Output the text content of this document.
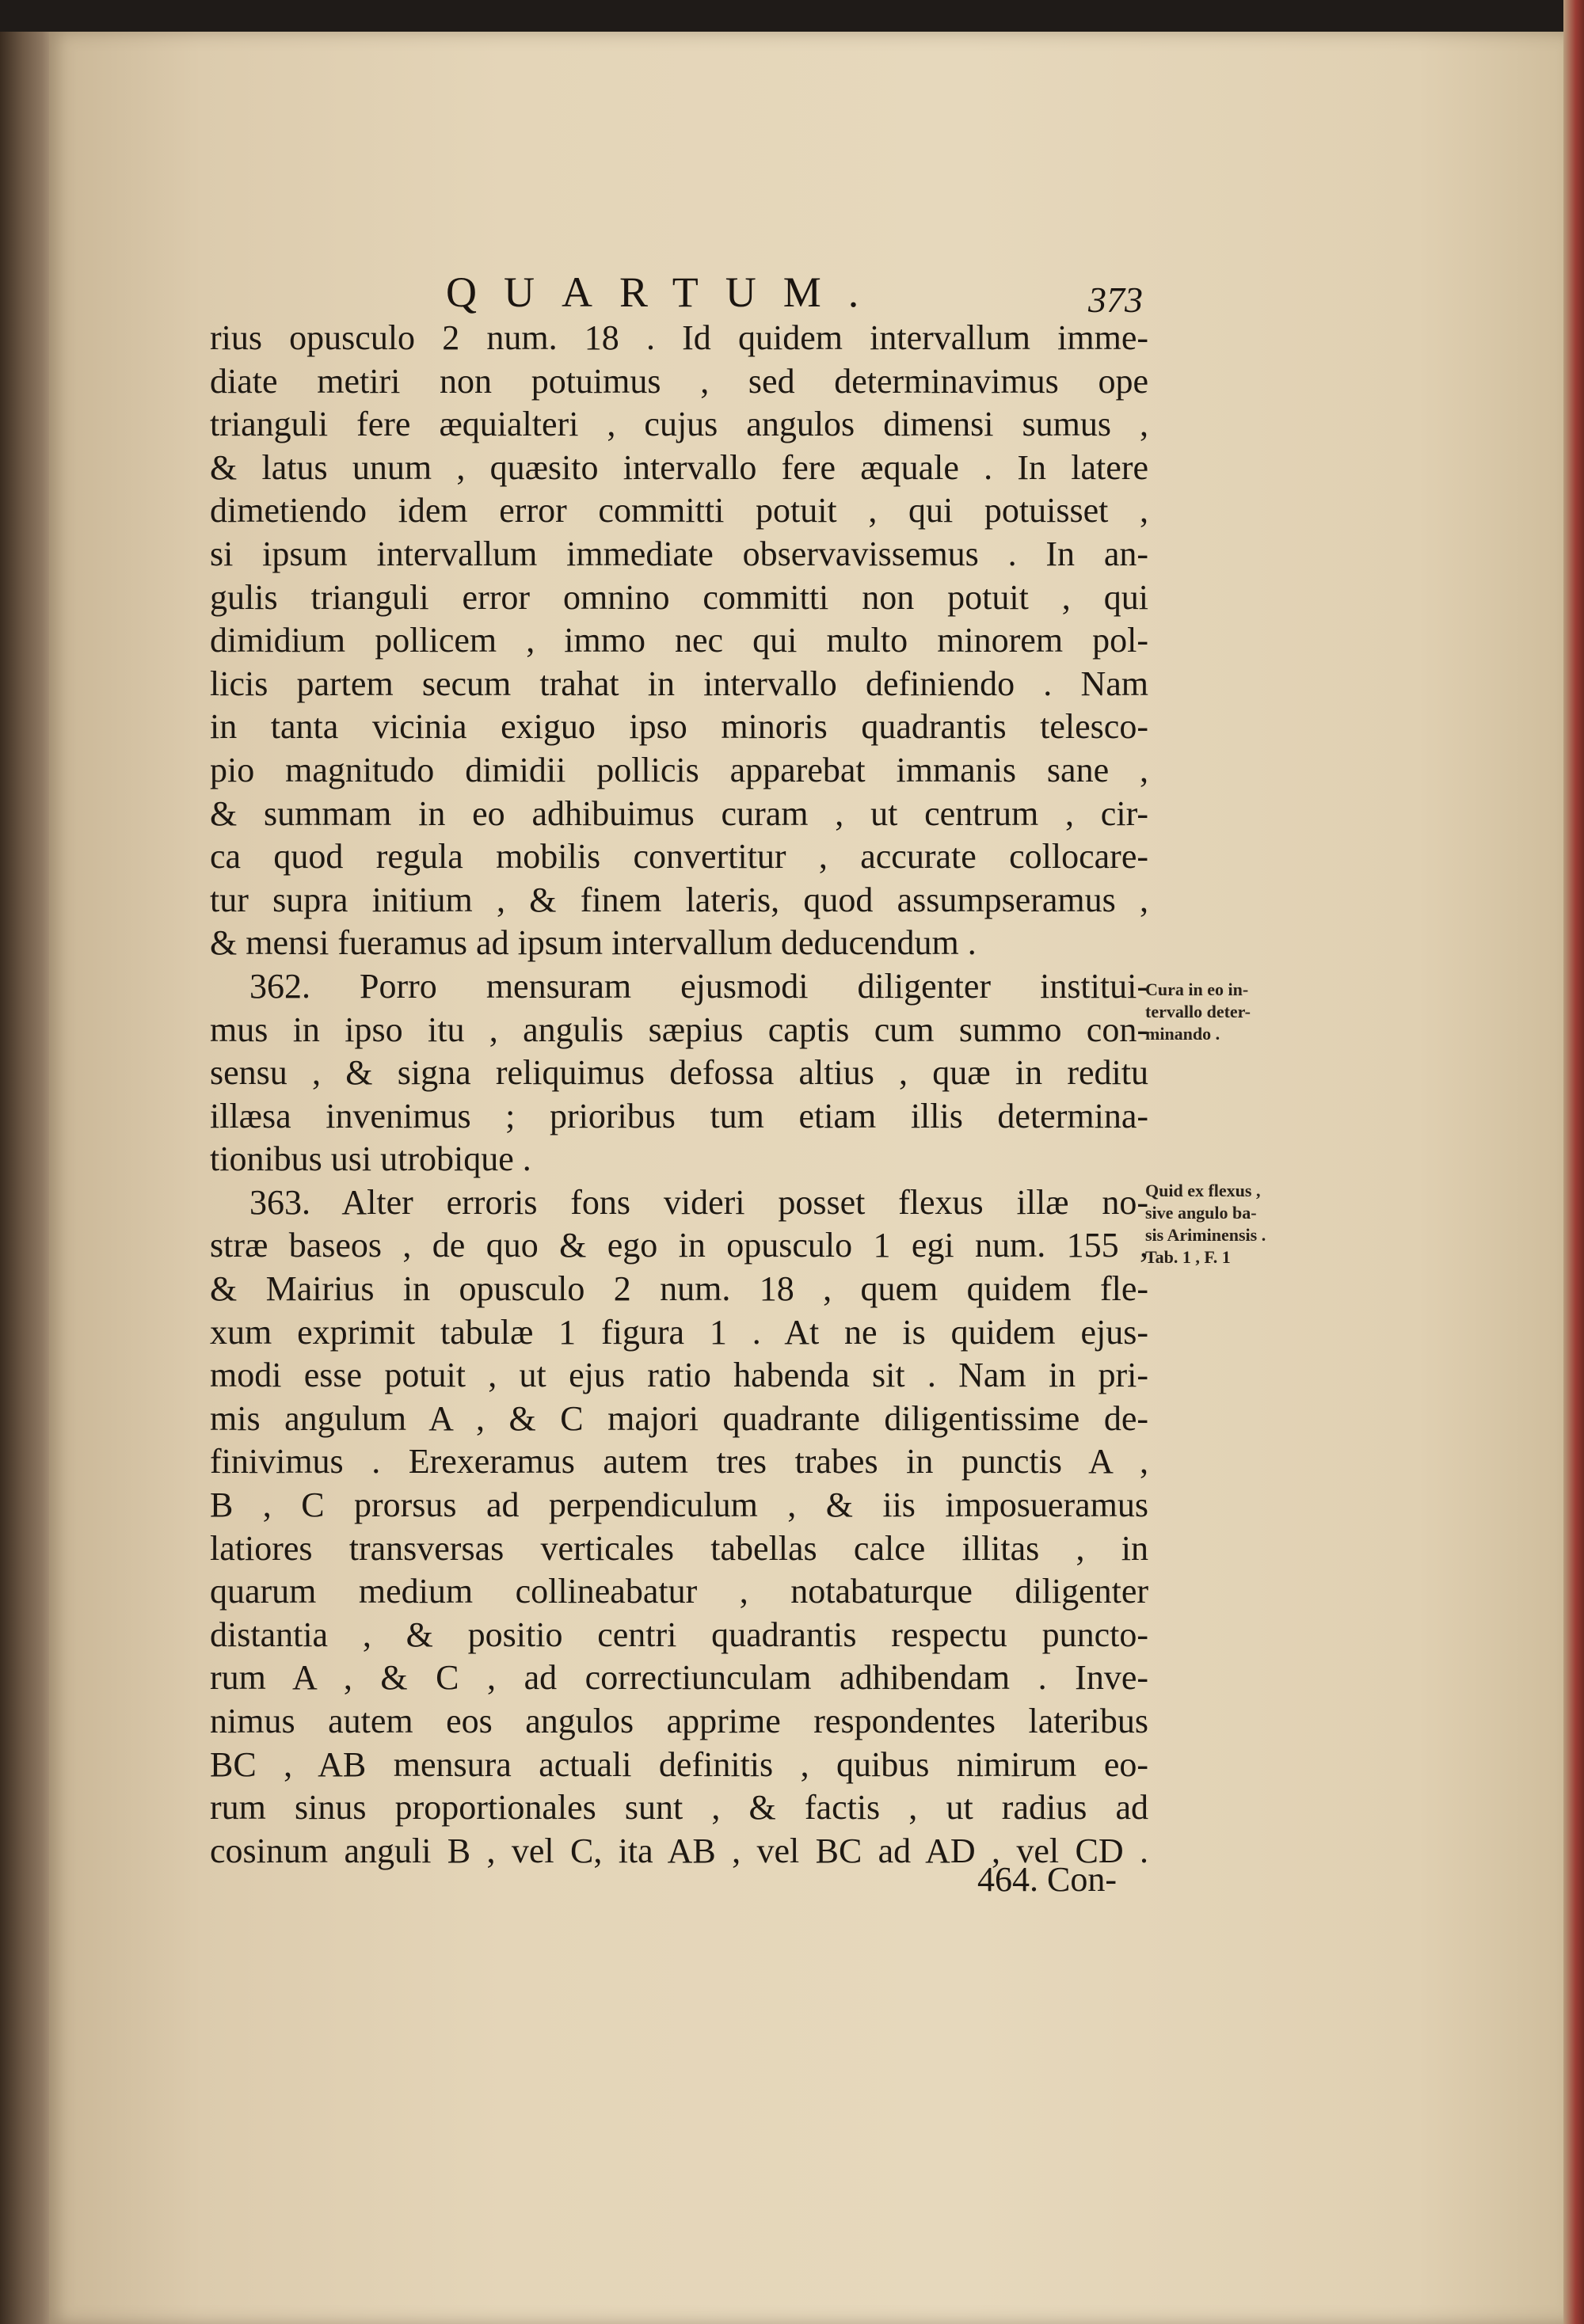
QUARTUM.	373
rius opusculo 2 num. 18 . Id quidem intervallum imme-
diate metiri non potuimus , sed determinavimus ope
trianguli fere æquialteri , cujus angulos dimensi sumus ,
& latus unum , quæsito intervallo fere æquale . In latere
dimetiendo idem error committi potuit , qui potuisset ,
si ipsum intervallum immediate observavissemus . In an-
gulis trianguli error omnino committi non potuit , qui
dimidium pollicem , immo nec qui multo minorem pol-
licis partem secum trahat in intervallo definiendo . Nam
in tanta vicinia exiguo ipso minoris quadrantis telesco-
pio magnitudo dimidii pollicis apparebat immanis sane ,
& summam in eo adhibuimus curam , ut centrum , cir-
ca quod regula mobilis convertitur , accurate collocare-
tur supra initium , & finem lateris, quod assumpseramus ,
& mensi fueramus ad ipsum intervallum deducendum .
362. Porro mensuram ejusmodi diligenter institui-
mus in ipso itu , angulis sæpius captis cum summo con-
sensu , & signa reliquimus defossa altius , quæ in reditu
illæsa invenimus ; prioribus tum etiam illis determina-
tionibus usi utrobique .
363. Alter erroris fons videri posset flexus illæ no-
stræ baseos , de quo & ego in opusculo 1 egi num. 155 ,
& Mairius in opusculo 2 num. 18 , quem quidem fle-
xum exprimit tabulæ 1 figura 1 . At ne is quidem ejus-
modi esse potuit , ut ejus ratio habenda sit . Nam in pri-
mis angulum A , & C majori quadrante diligentissime de-
finivimus . Erexeramus autem tres trabes in punctis A ,
B , C prorsus ad perpendiculum , & iis imposueramus
latiores transversas verticales tabellas calce illitas , in
quarum medium collineabatur , notabaturque diligenter
distantia , & positio centri quadrantis respectu puncto-
rum A , & C , ad correctiunculam adhibendam . Inve-
nimus autem eos angulos apprime respondentes lateribus
BC , AB mensura actuali definitis , quibus nimirum eo-
rum sinus proportionales sunt , & factis , ut radius ad
cosinum anguli B , vel C, ita AB , vel BC ad AD , vel CD .
464. Con-
Cura in eo in-
tervallo deter-
minando .
Quid ex flexus ,
sive angulo ba-
sis Ariminensis .
Tab. 1 , F. 1
